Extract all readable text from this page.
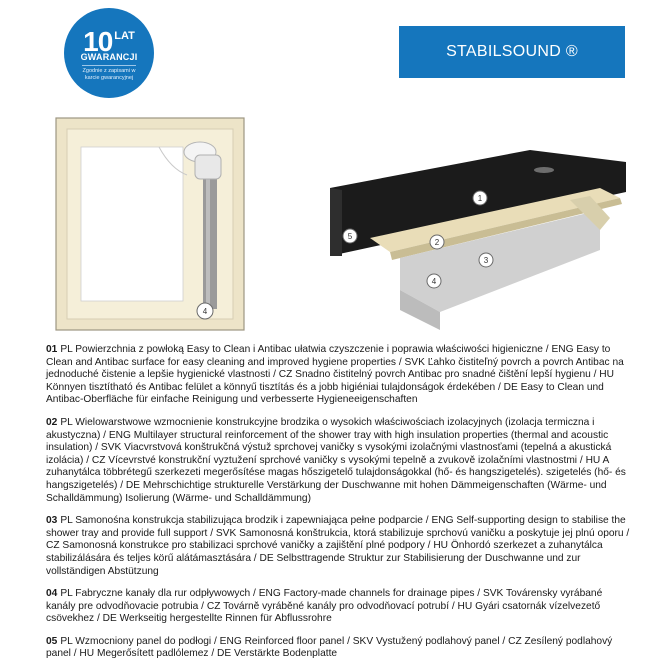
10 $^{LAT}$
GWARANCJI
Zgodnie z zapisami w karcie gwarancyjnej
STABILSOUND ®
4
1
2
3
4
5

01 PL Powierzchnia z powłoką Easy to Clean i Antibac ułatwia czyszczenie i poprawia właściwości higieniczne / ENG Easy to Clean and Antibac surface for easy cleaning and improved hygiene properties / SVK Ľahko čistiteľný povrch a povrch Antibac na jednoduché čistenie a lepšie hygienické vlastnosti / CZ Snadno čistitelný povrch Antibac pro snadné čištění lepší hygienu / HU Könnyen tisztítható és Antibac felület a könnyű tisztítás és a jobb higiéniai tulajdonságok érdekében / DE Easy to Clean und Antibac-Oberfläche für einfache Reinigung und verbesserte Hygieneeigenschaften

02 PL Wielowarstwowe wzmocnienie konstrukcyjne brodzika o wysokich właściwościach izolacyjnych (izolacja termiczna i akustyczna) / ENG Multilayer structural reinforcement of the shower tray with high insulation properties (thermal and acoustic insulation) / SVK Viacvrstvová konštrukčná výstuž sprchovej vaničky s vysokými izolačnými vlastnosťami (tepelná a akustická izolácia) / CZ Vícevrstvé konstrukční vyztužení sprchové vaničky s vysokými tepelně a zvukově izolačními vlastnostmi / HU A zuhanytálca többrétegű szerkezeti megerősítése magas hőszigetelő tulajdonságokkal (hő- és hangszigetelés). szigetelés (hő- és hangszigetelés) / DE Mehrschichtige strukturelle Verstärkung der Duschwanne mit hohen Dämmeigenschaften (Wärme- und Schalldämmung) Isolierung (Wärme- und Schalldämmung)

03 PL Samonośna konstrukcja stabilizująca brodzik i zapewniająca pełne podparcie / ENG Self-supporting design to stabilise the shower tray and provide full support / SVK Samonosná konštrukcia, ktorá stabilizuje sprchovú vaničku a poskytuje jej plnú oporu / CZ Samonosná konstrukce pro stabilizaci sprchové vaničky a zajištění plné podpory / HU Önhordó szerkezet a zuhanytálca stabilizálására és teljes körű alátámasztására / DE Selbsttragende Struktur zur Stabilisierung der Duschwanne und zur vollständigen Abstützung

04 PL Fabryczne kanały dla rur odpływowych / ENG Factory-made channels for drainage pipes / SVK Továrensky vyrábané kanály pre odvodňovacie potrubia / CZ Továrně vyráběné kanály pro odvodňovací potrubí / HU Gyári csatornák vízelvezető csövekhez / DE Werkseitig hergestellte Rinnen für Abflussrohre

05 PL Wzmocniony panel do podłogi / ENG Reinforced floor panel / SKV Vystužený podlahový panel / CZ Zesílený podlahový panel / HU Megerősített padlólemez / DE Verstärkte Bodenplatte
